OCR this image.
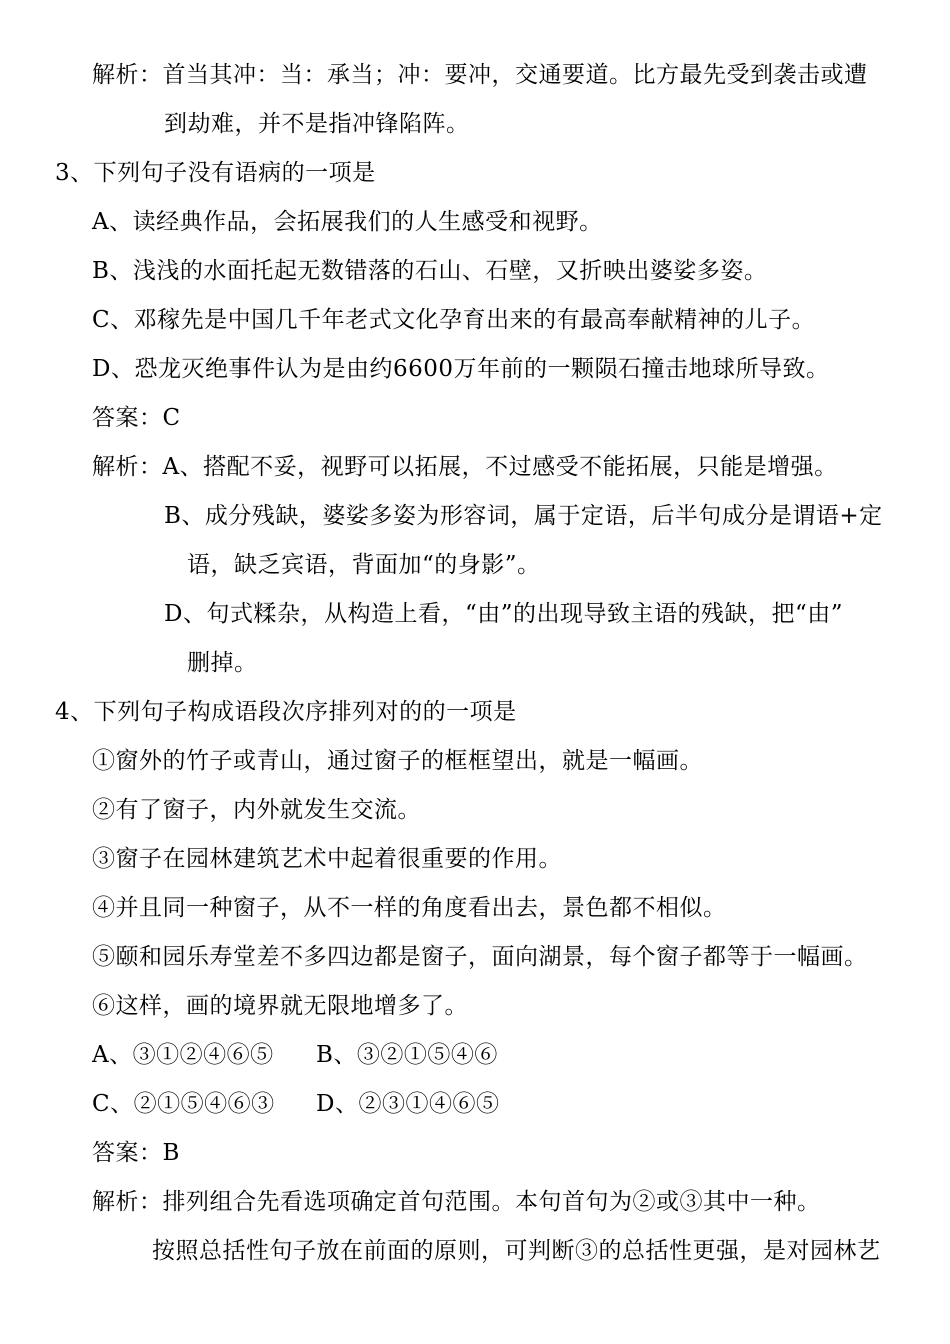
解析：首当其冲：当：承当；冲：要冲，交通要道。比方最先受到袭击或遭
到劫难，并不是指冲锋陷阵。
3、下列句子没有语病的一项是
A、读经典作品，会拓展我们的人生感受和视野。
B、浅浅的水面托起无数错落的石山、石壁，又折映出婆娑多姿。
C、邓稼先是中国几千年老式文化孕育出来的有最高奉献精神的儿子。
D、恐龙灭绝事件认为是由约6600万年前的一颗陨石撞击地球所导致。
答案：C
解析：A、搭配不妥，视野可以拓展，不过感受不能拓展，只能是增强。
B、成分残缺，婆娑多姿为形容词，属于定语，后半句成分是谓语+定
语，缺乏宾语，背面加“的身影”。
D、句式糅杂，从构造上看，“由”的出现导致主语的残缺，把“由”
删掉。
4、下列句子构成语段次序排列对的的一项是
①窗外的竹子或青山，通过窗子的框框望出，就是一幅画。
②有了窗子，内外就发生交流。
③窗子在园林建筑艺术中起着很重要的作用。
④并且同一种窗子，从不一样的角度看出去，景色都不相似。
⑤颐和园乐寿堂差不多四边都是窗子，面向湖景，每个窗子都等于一幅画。
⑥这样，画的境界就无限地增多了。
A、③①②④⑥⑤ B、③②①⑤④⑥
C、②①⑤④⑥③ D、②③①④⑥⑤
答案：B
解析：排列组合先看选项确定首句范围。本句首句为②或③其中一种。
按照总括性句子放在前面的原则，可判断③的总括性更强，是对园林艺
